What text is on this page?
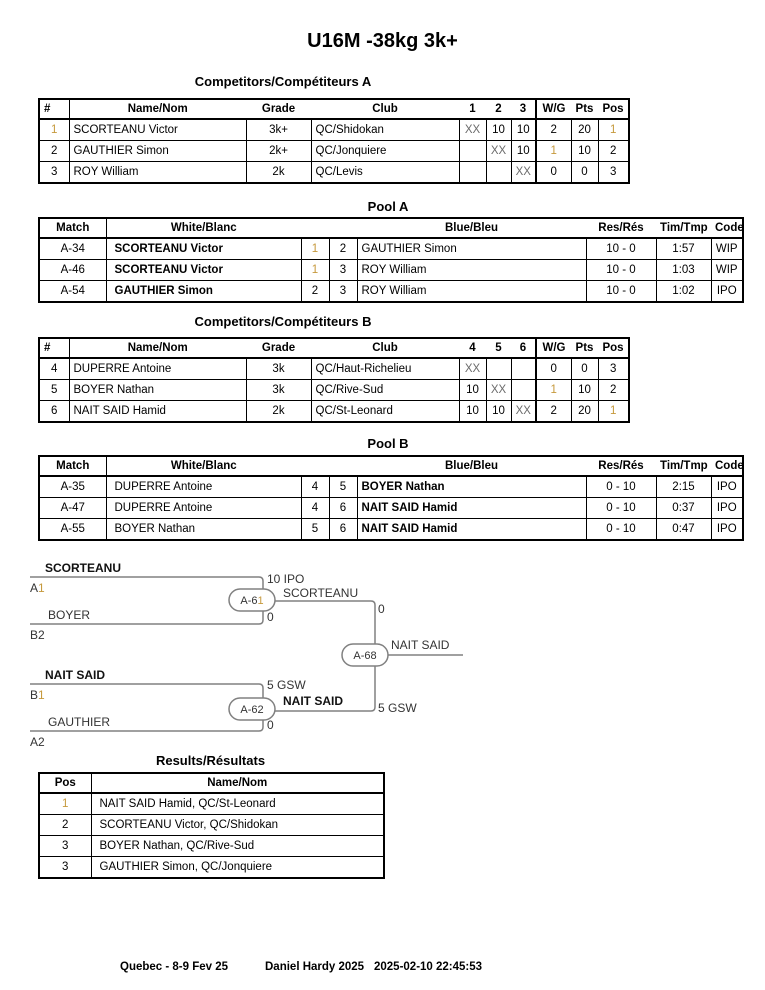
U16M -38kg 3k+
Competitors/Compétiteurs A
#	Name/Nom	Grade	Club	1	2	3	W/G	Pts	Pos
1	SCORTEANU Victor	3k+	QC/Shidokan	XX	10	10	2	20	1
2	GAUTHIER Simon	2k+	QC/Jonquiere		XX	10	1	10	2
3	ROY William	2k	QC/Levis			XX	0	0	3
Pool A
Match	White/Blanc			Blue/Bleu	Res/Rés	Tim/Tmp	Code
A-34	SCORTEANU Victor	1	2	GAUTHIER Simon	10 - 0	1:57	WIP
A-46	SCORTEANU Victor	1	3	ROY William	10 - 0	1:03	WIP
A-54	GAUTHIER Simon	2	3	ROY William	10 - 0	1:02	IPO
Competitors/Compétiteurs B
#	Name/Nom	Grade	Club	4	5	6	W/G	Pts	Pos
4	DUPERRE Antoine	3k	QC/Haut-Richelieu	XX			0	0	3
5	BOYER Nathan	3k	QC/Rive-Sud	10	XX		1	10	2
6	NAIT SAID Hamid	2k	QC/St-Leonard	10	10	XX	2	20	1
Pool B
Match	White/Blanc			Blue/Bleu	Res/Rés	Tim/Tmp	Code
A-35	DUPERRE Antoine	4	5	BOYER Nathan	0 - 10	2:15	IPO
A-47	DUPERRE Antoine	4	6	NAIT SAID Hamid	0 - 10	0:37	IPO
A-55	BOYER Nathan	5	6	NAIT SAID Hamid	0 - 10	0:47	IPO
SCORTEANU
A1
BOYER
B2
10 IPO
0
SCORTEANU
0
A-61
NAIT SAID
B1
GAUTHIER
A2
5 GSW
0
NAIT SAID	5 GSW
A-62
A-68
NAIT SAID
Results/Résultats
Pos	Name/Nom
1	NAIT SAID Hamid, QC/St-Leonard
2	SCORTEANU Victor, QC/Shidokan
3	BOYER Nathan, QC/Rive-Sud
3	GAUTHIER Simon, QC/Jonquiere
Quebec - 8-9 Fev 25	Daniel Hardy 2025 2025-02-10 22:45:53
